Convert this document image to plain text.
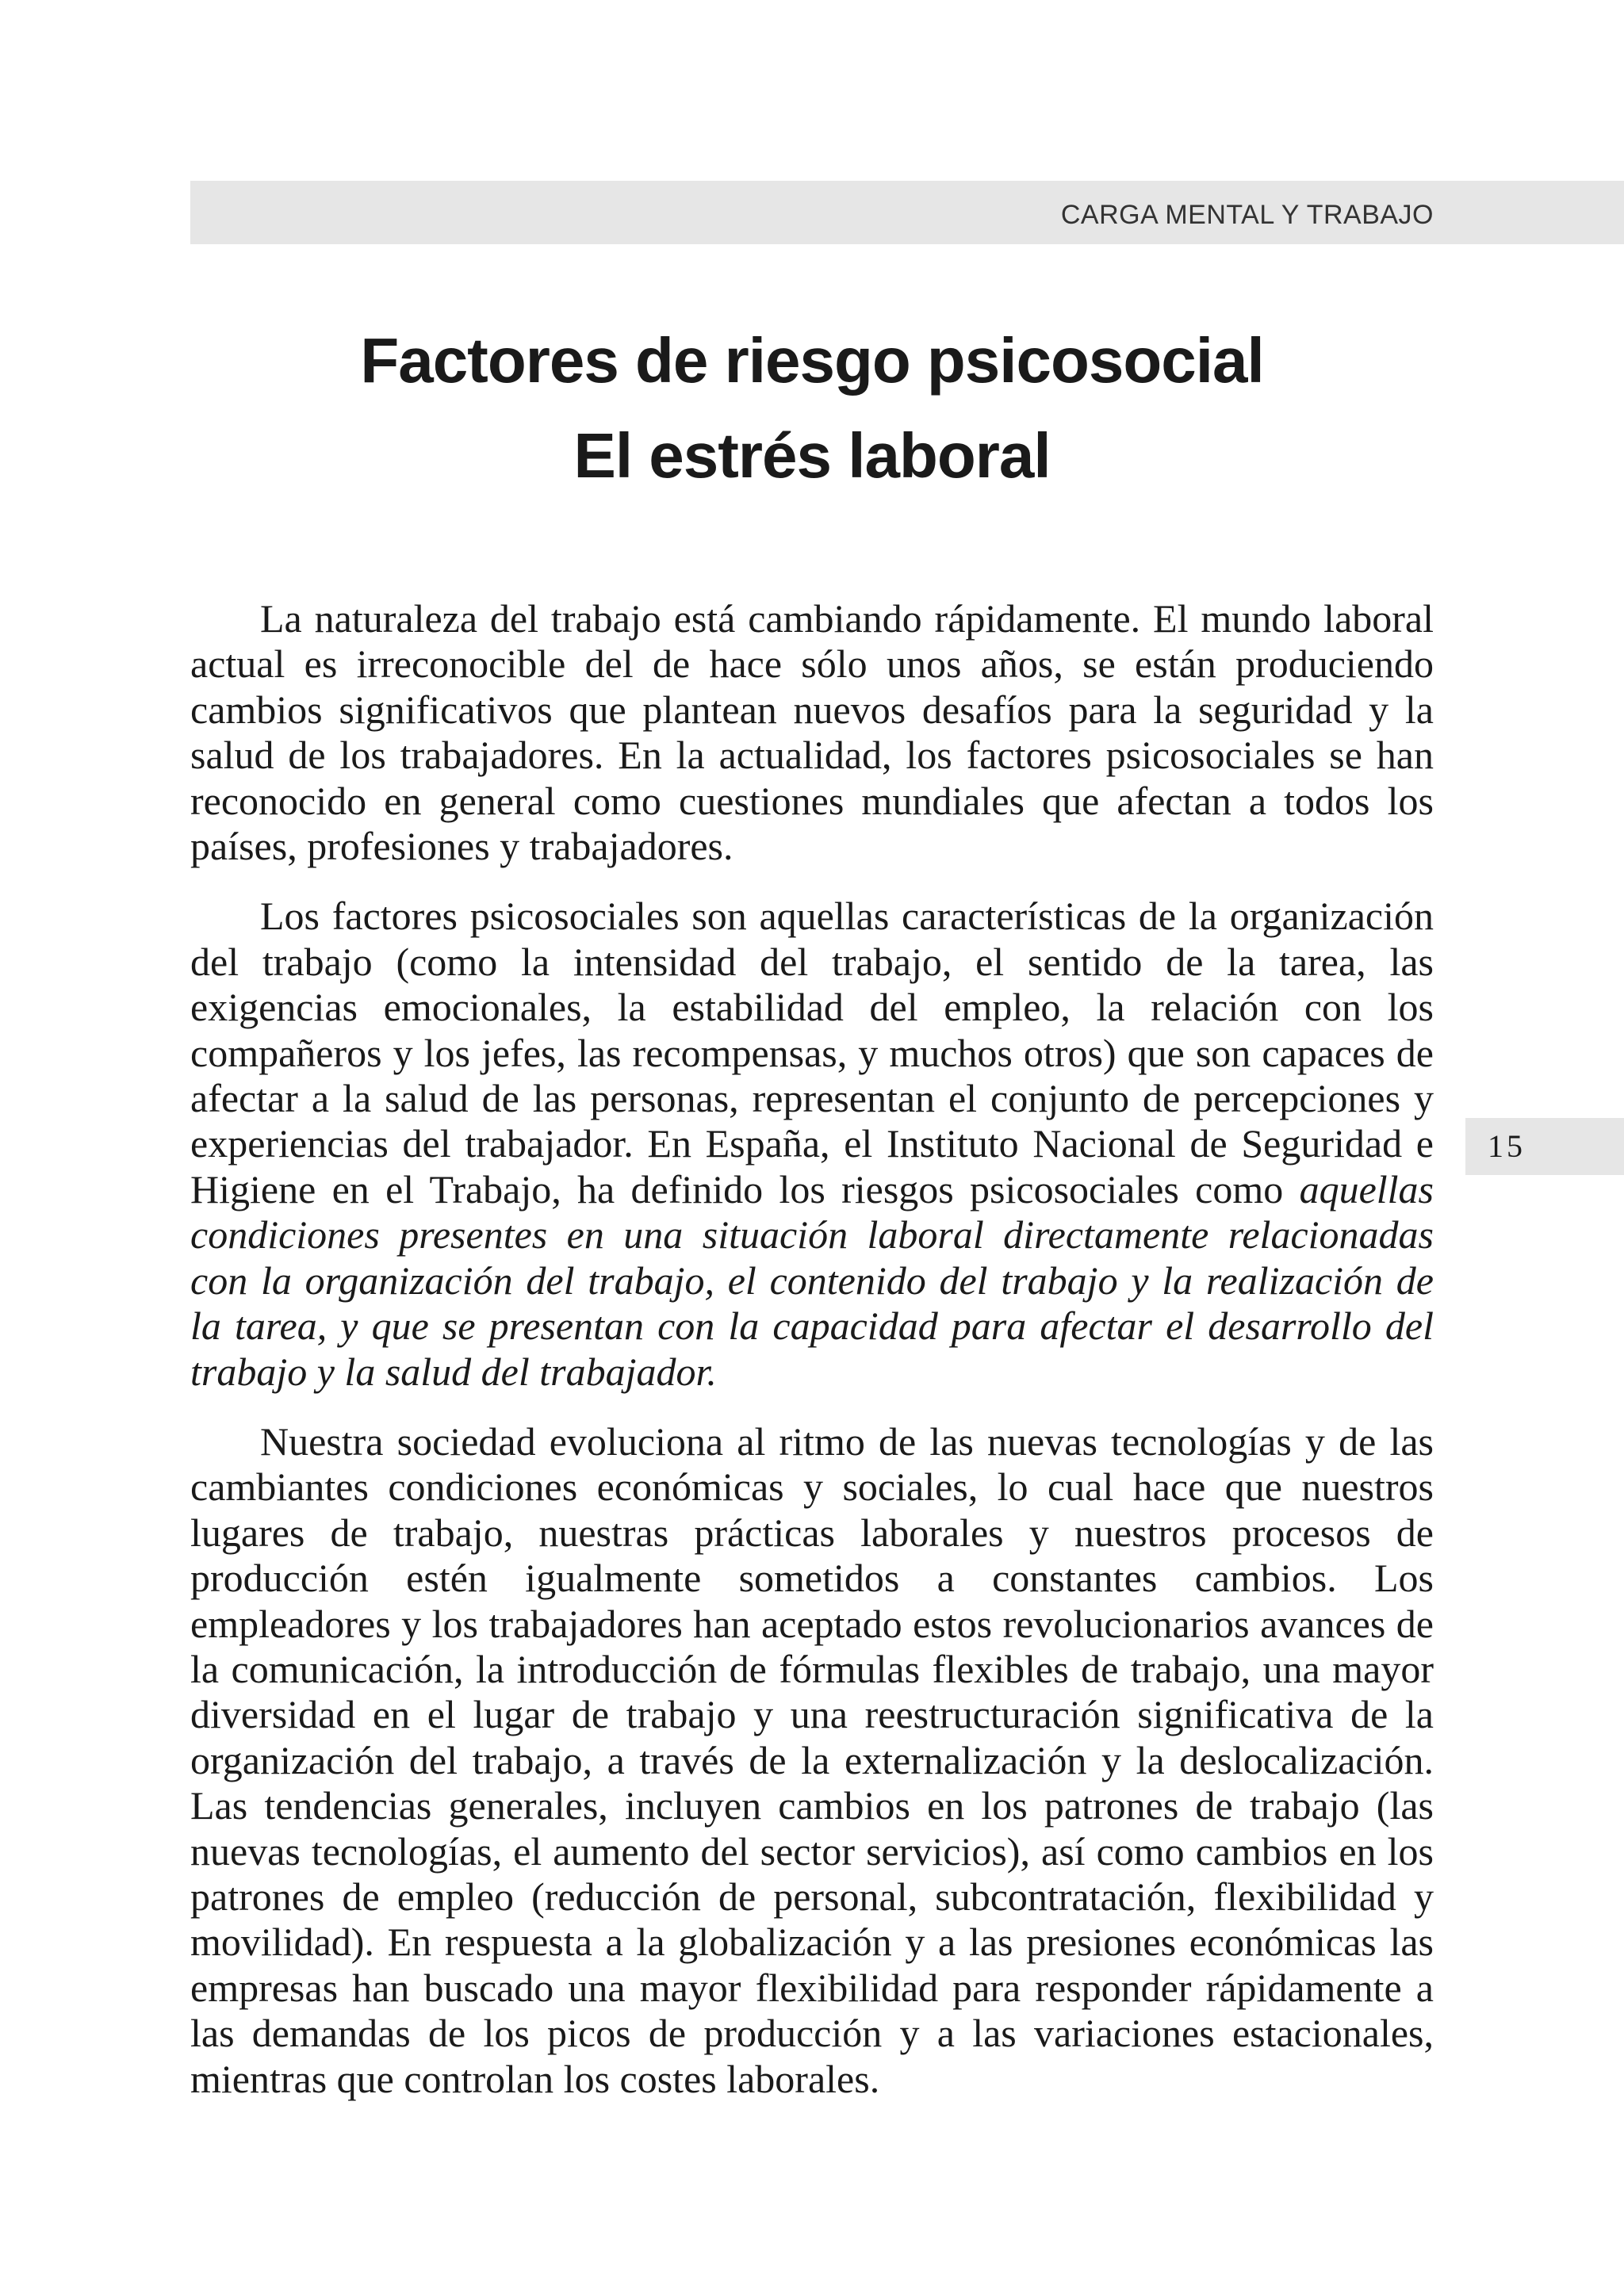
CARGA MENTAL Y TRABAJO
Factores de riesgo psicosocial
El estrés laboral

La naturaleza del trabajo está cambiando rápidamente. El mundo laboral actual es irreconocible del de hace sólo unos años, se están produciendo cambios significativos que plantean nuevos desafíos para la seguridad y la salud de los trabajadores. En la actualidad, los factores psicosociales se han reconocido en general como cuestiones mundiales que afectan a todos los países, profesiones y trabajadores.

Los factores psicosociales son aquellas características de la organización del trabajo (como la intensidad del trabajo, el sentido de la tarea, las exigencias emocionales, la estabilidad del empleo, la relación con los compañeros y los jefes, las recompensas, y muchos otros) que son capaces de afectar a la salud de las personas, representan el conjunto de percepciones y experiencias del trabajador. En España, el Instituto Nacional de Seguridad e Higiene en el Trabajo, ha definido los riesgos psicosociales como aquellas condiciones presentes en una situación laboral directamente relacionadas con la organización del trabajo, el contenido del trabajo y la realización de la tarea, y que se presentan con la capacidad para afectar el desarrollo del trabajo y la salud del trabajador.

Nuestra sociedad evoluciona al ritmo de las nuevas tecnologías y de las cambiantes condiciones económicas y sociales, lo cual hace que nuestros lugares de trabajo, nuestras prácticas laborales y nuestros procesos de producción estén igualmente sometidos a constantes cambios. Los empleadores y los trabajadores han aceptado estos revolucionarios avances de la comunicación, la introducción de fórmulas flexibles de trabajo, una mayor diversidad en el lugar de trabajo y una reestructuración significativa de la organización del trabajo, a través de la externalización y la deslocalización. Las tendencias generales, incluyen cambios en los patrones de trabajo (las nuevas tecnologías, el aumento del sector servicios), así como cambios en los patrones de empleo (reducción de personal, subcontratación, flexibilidad y movilidad). En respuesta a la globalización y a las presiones económicas las empresas han buscado una mayor flexibilidad para responder rápidamente a las demandas de los picos de producción y a las variaciones estacionales, mientras que controlan los costes laborales.

15
